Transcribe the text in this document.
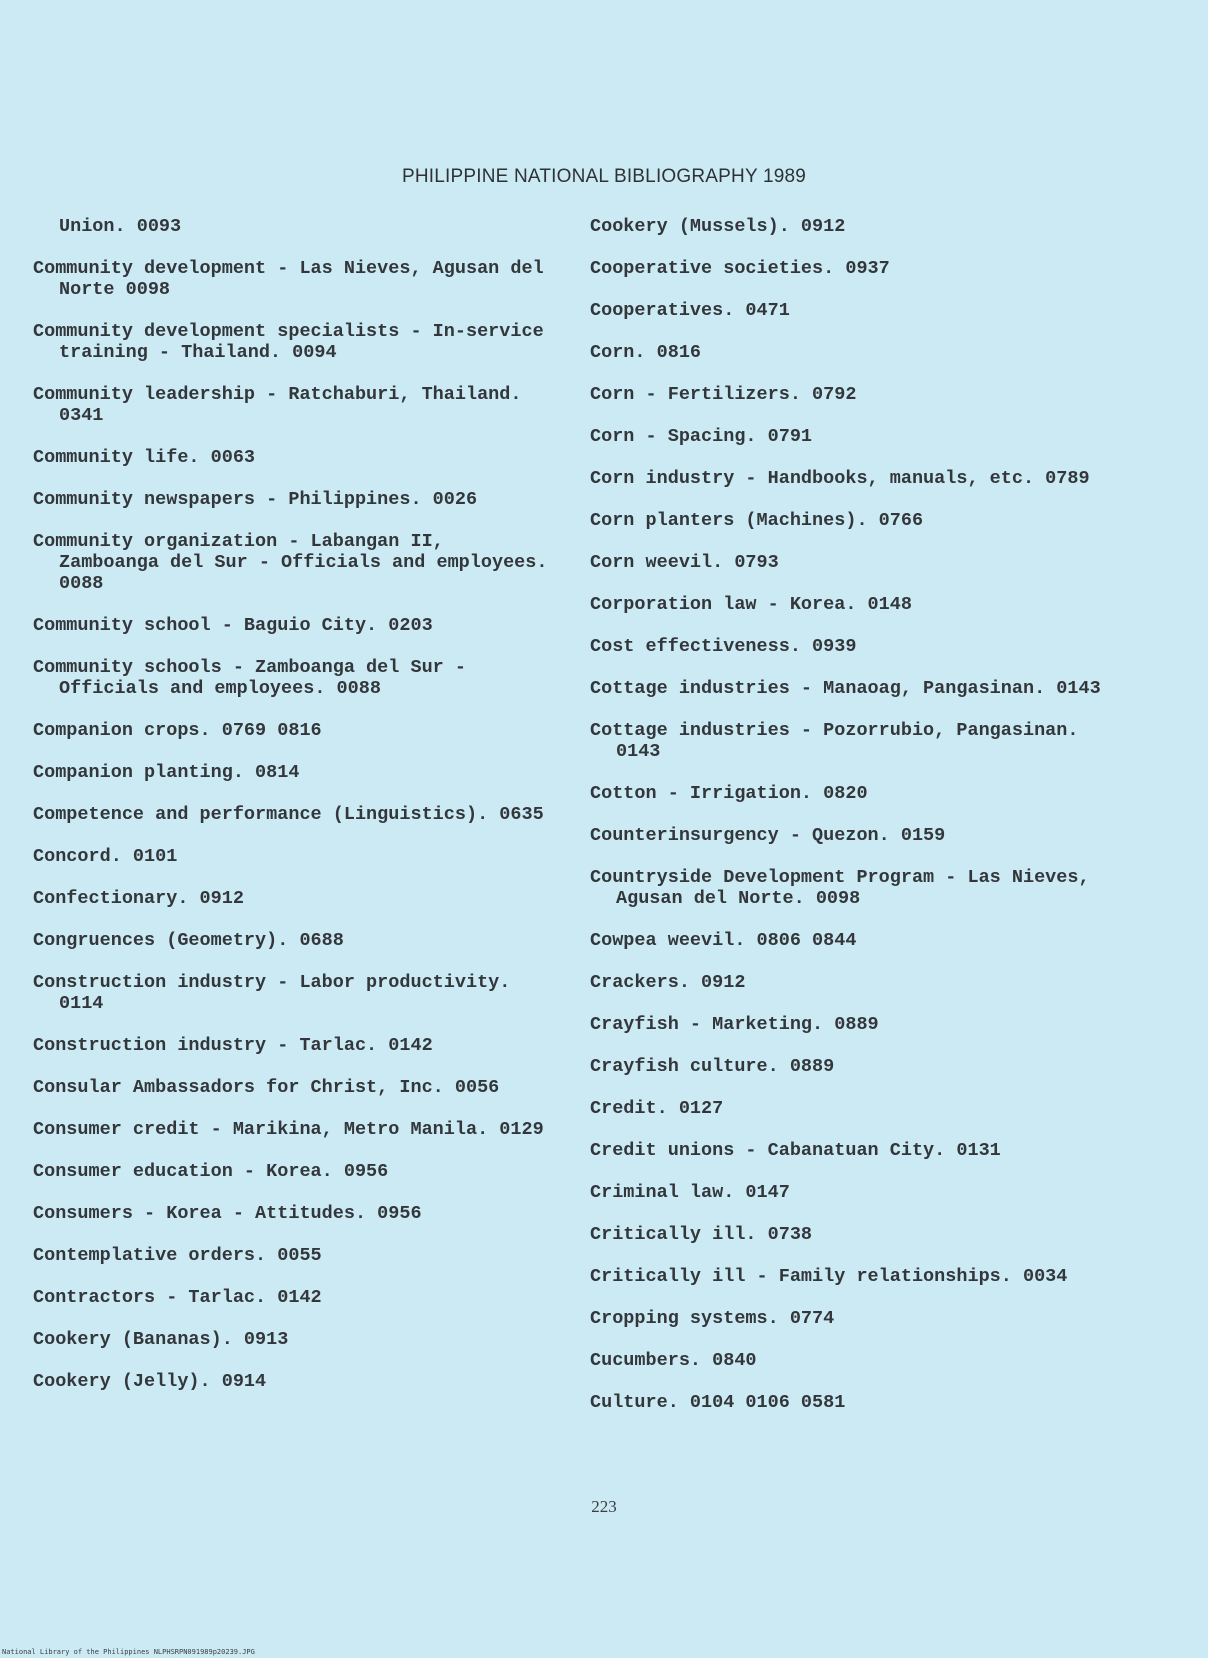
PHILIPPINE NATIONAL BIBLIOGRAPHY 1989
Union. 0093
Community development - Las Nieves, Agusan del Norte 0098
Community development specialists - In-service training - Thailand. 0094
Community leadership - Ratchaburi, Thailand. 0341
Community life. 0063
Community newspapers - Philippines. 0026
Community organization - Labangan II, Zamboanga del Sur - Officials and employees. 0088
Community school - Baguio City. 0203
Community schools - Zamboanga del Sur - Officials and employees. 0088
Companion crops. 0769 0816
Companion planting. 0814
Competence and performance (Linguistics). 0635
Concord. 0101
Confectionary. 0912
Congruences (Geometry). 0688
Construction industry - Labor productivity. 0114
Construction industry - Tarlac. 0142
Consular Ambassadors for Christ, Inc. 0056
Consumer credit - Marikina, Metro Manila. 0129
Consumer education - Korea. 0956
Consumers - Korea - Attitudes. 0956
Contemplative orders. 0055
Contractors - Tarlac. 0142
Cookery (Bananas). 0913
Cookery (Jelly). 0914
Cookery (Mussels). 0912
Cooperative societies. 0937
Cooperatives. 0471
Corn. 0816
Corn - Fertilizers. 0792
Corn - Spacing. 0791
Corn industry - Handbooks, manuals, etc. 0789
Corn planters (Machines). 0766
Corn weevil. 0793
Corporation law - Korea. 0148
Cost effectiveness. 0939
Cottage industries - Manaoag, Pangasinan. 0143
Cottage industries - Pozorrubio, Pangasinan. 0143
Cotton - Irrigation. 0820
Counterinsurgency - Quezon. 0159
Countryside Development Program - Las Nieves, Agusan del Norte. 0098
Cowpea weevil. 0806 0844
Crackers. 0912
Crayfish - Marketing. 0889
Crayfish culture. 0889
Credit. 0127
Credit unions - Cabanatuan City. 0131
Criminal law. 0147
Critically ill. 0738
Critically ill - Family relationships. 0034
Cropping systems. 0774
Cucumbers. 0840
Culture. 0104 0106 0581
223
National Library of the Philippines NLPHSRPN091989p20239.JPG
